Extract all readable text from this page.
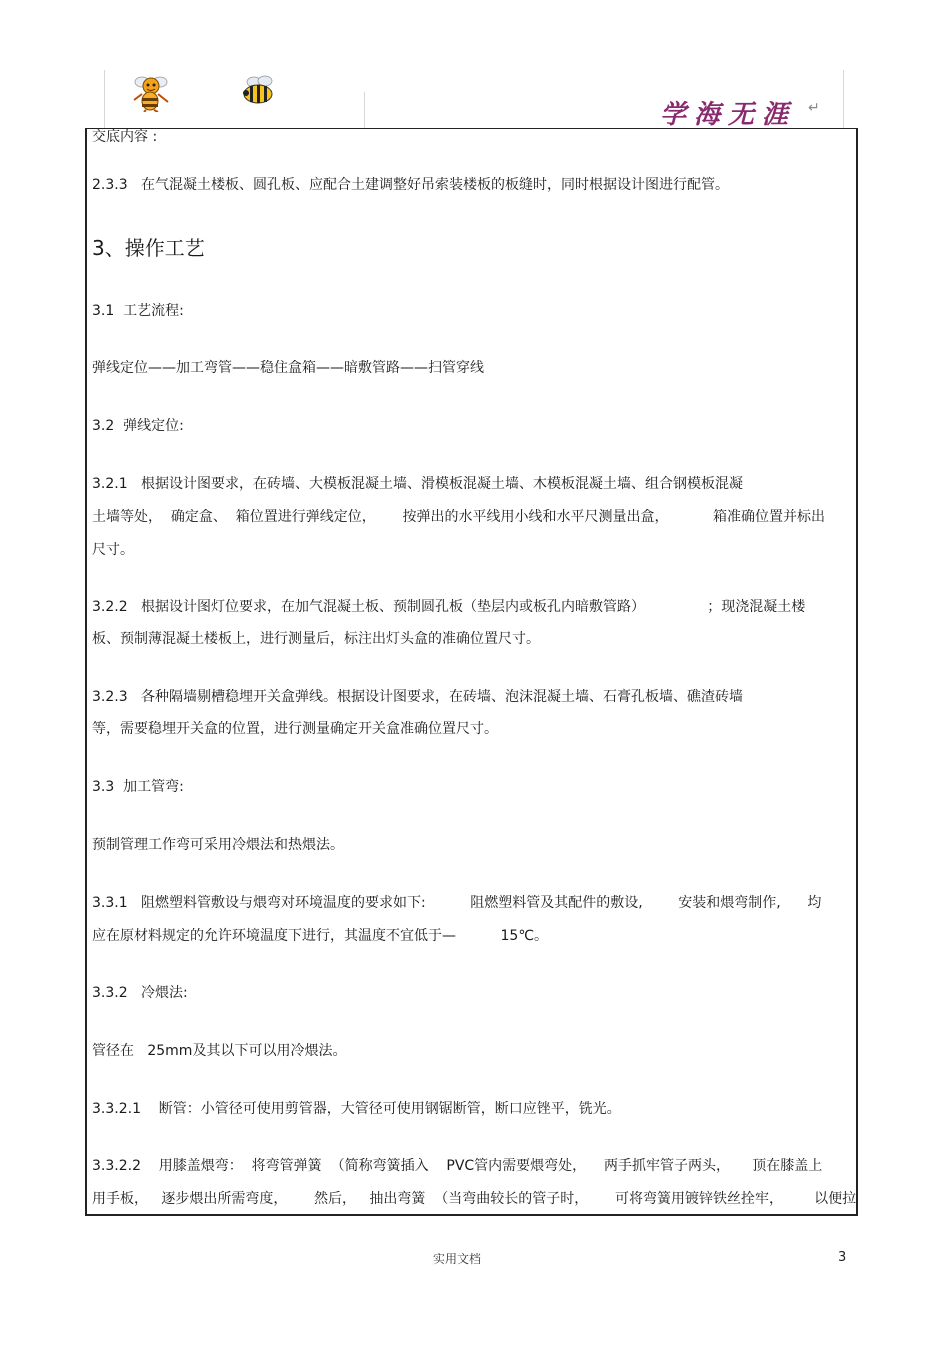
学海无涯 ↵
交底内容 :
2.3.3   在气混凝土楼板、圆孔板、应配合土建调整好吊索装楼板的板缝时，同时根据设计图进行配管。
3、操作工艺
3.1  工艺流程:
弹线定位——加工弯管——稳住盒箱——暗敷管路——扫管穿线
3.2  弹线定位:
3.2.1   根据设计图要求，在砖墙、大模板混凝土墙、滑模板混凝土墙、木模板混凝土墙、组合钢模板混凝
土墙等处，  确定盒、  箱位置进行弹线定位，      按弹出的水平线用小线和水平尺测量出盒，          箱准确位置并标出
尺寸。
3.2.2   根据设计图灯位要求，在加气混凝土板、预制圆孔板（垫层内或板孔内暗敷管路）              ；现浇混凝土楼
板、预制薄混凝土楼板上，进行测量后，标注出灯头盒的准确位置尺寸。
3.2.3   各种隔墙剔槽稳埋开关盒弹线。根据设计图要求，在砖墙、泡沫混凝土墙、石膏孔板墙、礁渣砖墙
等，需要稳埋开关盒的位置，进行测量确定开关盒准确位置尺寸。
3.3  加工管弯:
预制管理工作弯可采用冷煨法和热煨法。
3.3.1   阻燃塑料管敷设与煨弯对环境温度的要求如下:          阻燃塑料管及其配件的敷设,        安装和煨弯制作,      均
应在原材料规定的允许环境温度下进行，其温度不宜低于—          15℃。
3.3.2   冷煨法:
管径在   25mm及其以下可以用冷煨法。
3.3.2.1    断管：小管径可使用剪管器，大管径可使用钢锯断管，断口应锉平，铣光。
3.3.2.2    用膝盖煨弯：  将弯管弹簧  （简称弯簧插入    PVC管内需要煨弯处，    两手抓牢管子两头，     顶在膝盖上
用手板，   逐步煨出所需弯度，      然后，   抽出弯簧  （当弯曲较长的管子时，      可将弯簧用镀锌铁丝拴牢，       以便拉
实用文档	3
